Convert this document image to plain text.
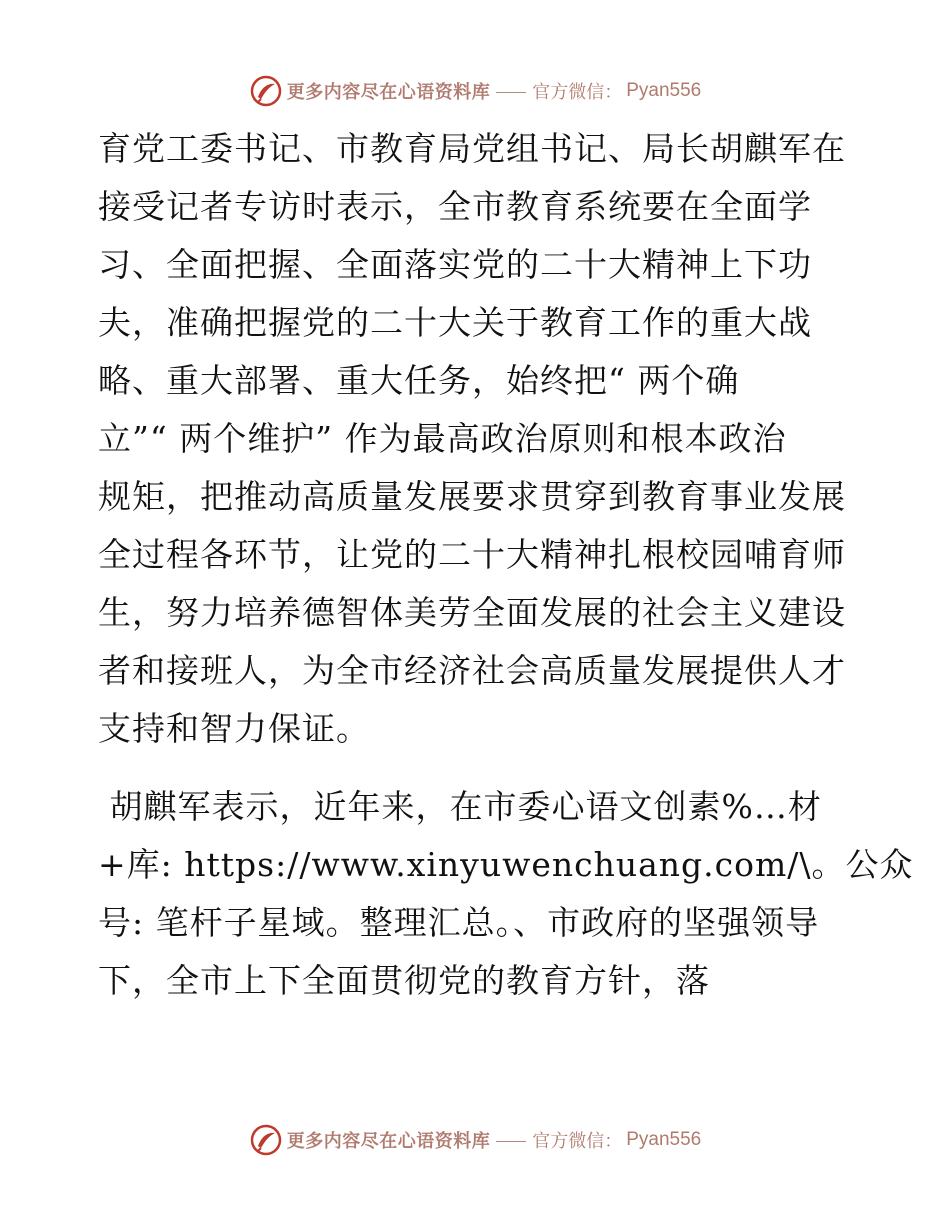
更多内容尽在心语资料库 官方微信： Pyan556
育党工委书记、市教育局党组书记、局长胡麒军在
接受记者专访时表示，全市教育系统要在全面学
习、全面把握、全面落实党的二十大精神上下功
夫，准确把握党的二十大关于教育工作的重大战
略、重大部署、重大任务，始终把“ 两个确
立”“ 两个维护” 作为最高政治原则和根本政治
规矩，把推动高质量发展要求贯穿到教育事业发展
全过程各环节，让党的二十大精神扎根校园哺育师
生，努力培养德智体美劳全面发展的社会主义建设
者和接班人，为全市经济社会高质量发展提供人才
支持和智力保证。
胡麒军表示，近年来，在市委心语文创素%…材
+库: https://www.xinyuwenchuang.com/\。公众
号: 笔杆子星域。整理汇总。、市政府的坚强领导
下，全市上下全面贯彻党的教育方针，落
更多内容尽在心语资料库 官方微信： Pyan556
